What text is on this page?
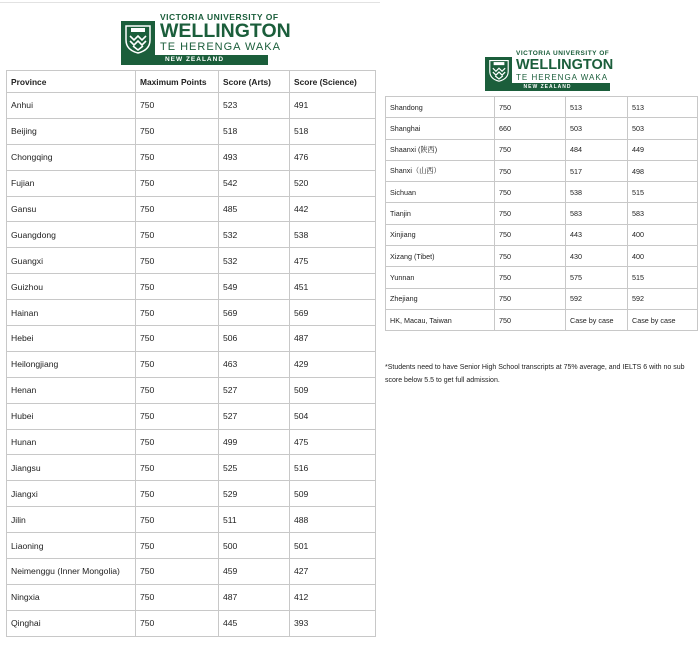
VICTORIA UNIVERSITY OF
WELLINGTON
TE HERENGA WAKA
NEW ZEALAND
VICTORIA UNIVERSITY OF
WELLINGTON
TE HERENGA WAKA
NEW ZEALAND
Province	Maximum Points	Score (Arts)	Score (Science)
Anhui	750	523	491
Beijing	750	518	518
Chongqing	750	493	476
Fujian	750	542	520
Gansu	750	485	442
Guangdong	750	532	538
Guangxi	750	532	475
Guizhou	750	549	451
Hainan	750	569	569
Hebei	750	506	487
Heilongjiang	750	463	429
Henan	750	527	509
Hubei	750	527	504
Hunan	750	499	475
Jiangsu	750	525	516
Jiangxi	750	529	509
Jilin	750	511	488
Liaoning	750	500	501
Neimenggu (Inner Mongolia)	750	459	427
Ningxia	750	487	412
Qinghai	750	445	393
Shandong	750	513	513
Shanghai	660	503	503
Shaanxi (陕西)	750	484	449
Shanxi（山西）	750	517	498
Sichuan	750	538	515
Tianjin	750	583	583
Xinjiang	750	443	400
Xizang (Tibet)	750	430	400
Yunnan	750	575	515
Zhejiang	750	592	592
HK, Macau, Taiwan	750	Case by case	Case by case
*Students need to have Senior High School transcripts at 75% average, and IELTS 6 with no sub score below 5.5 to get full admission.
